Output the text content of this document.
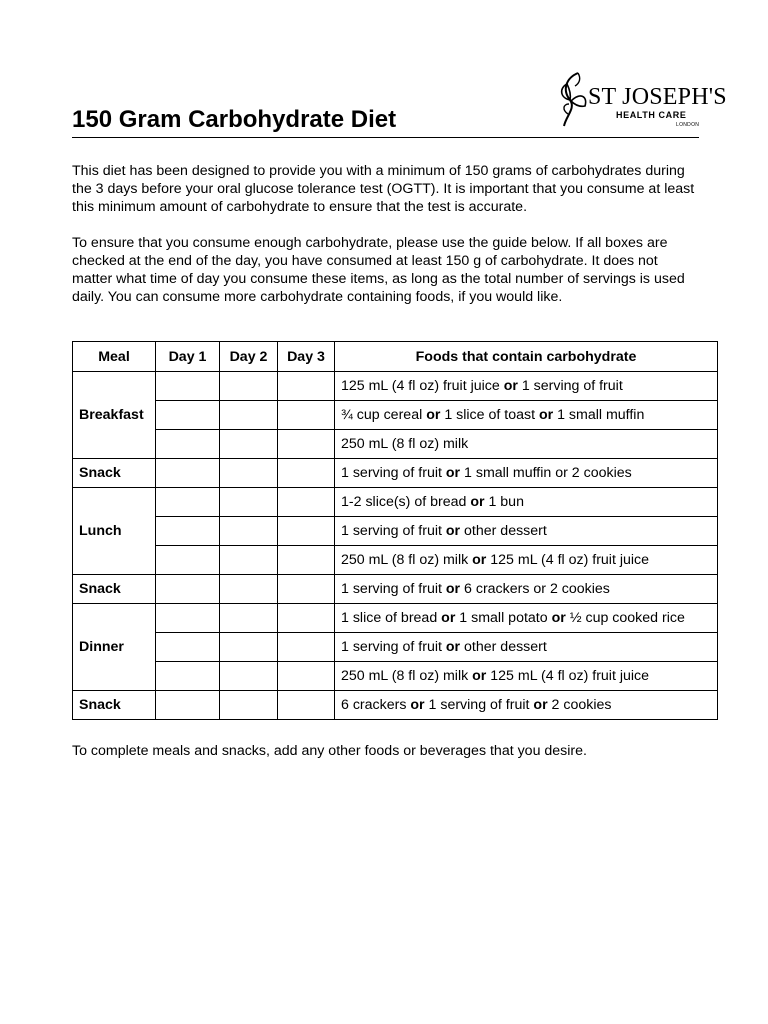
ST JOSEPH'S
HEALTH CARE
LONDON
150 Gram Carbohydrate Diet

This diet has been designed to provide you with a minimum of 150 grams of carbohydrates during the 3 days before your oral glucose tolerance test (OGTT). It is important that you consume at least this minimum amount of carbohydrate to ensure that the test is accurate.

To ensure that you consume enough carbohydrate, please use the guide below. If all boxes are checked at the end of the day, you have consumed at least 150 g of carbohydrate. It does not matter what time of day you consume these items, as long as the total number of servings is used daily. You can consume more carbohydrate containing foods, if you would like.

Meal	Day 1	Day 2	Day 3	Foods that contain carbohydrate
Breakfast				125 mL (4 fl oz) fruit juice or 1 serving of fruit
				¾ cup cereal or 1 slice of toast or 1 small muffin
				250 mL (8 fl oz) milk
Snack				1 serving of fruit or 1 small muffin or 2 cookies
Lunch				1-2 slice(s) of bread or 1 bun
				1 serving of fruit or other dessert
				250 mL (8 fl oz) milk or 125 mL (4 fl oz) fruit juice
Snack				1 serving of fruit or 6 crackers or 2 cookies
Dinner				1 slice of bread or 1 small potato or ½ cup cooked rice
				1 serving of fruit or other dessert
				250 mL (8 fl oz) milk or 125 mL (4 fl oz) fruit juice
Snack				6 crackers or 1 serving of fruit or 2 cookies

To complete meals and snacks, add any other foods or beverages that you desire.
